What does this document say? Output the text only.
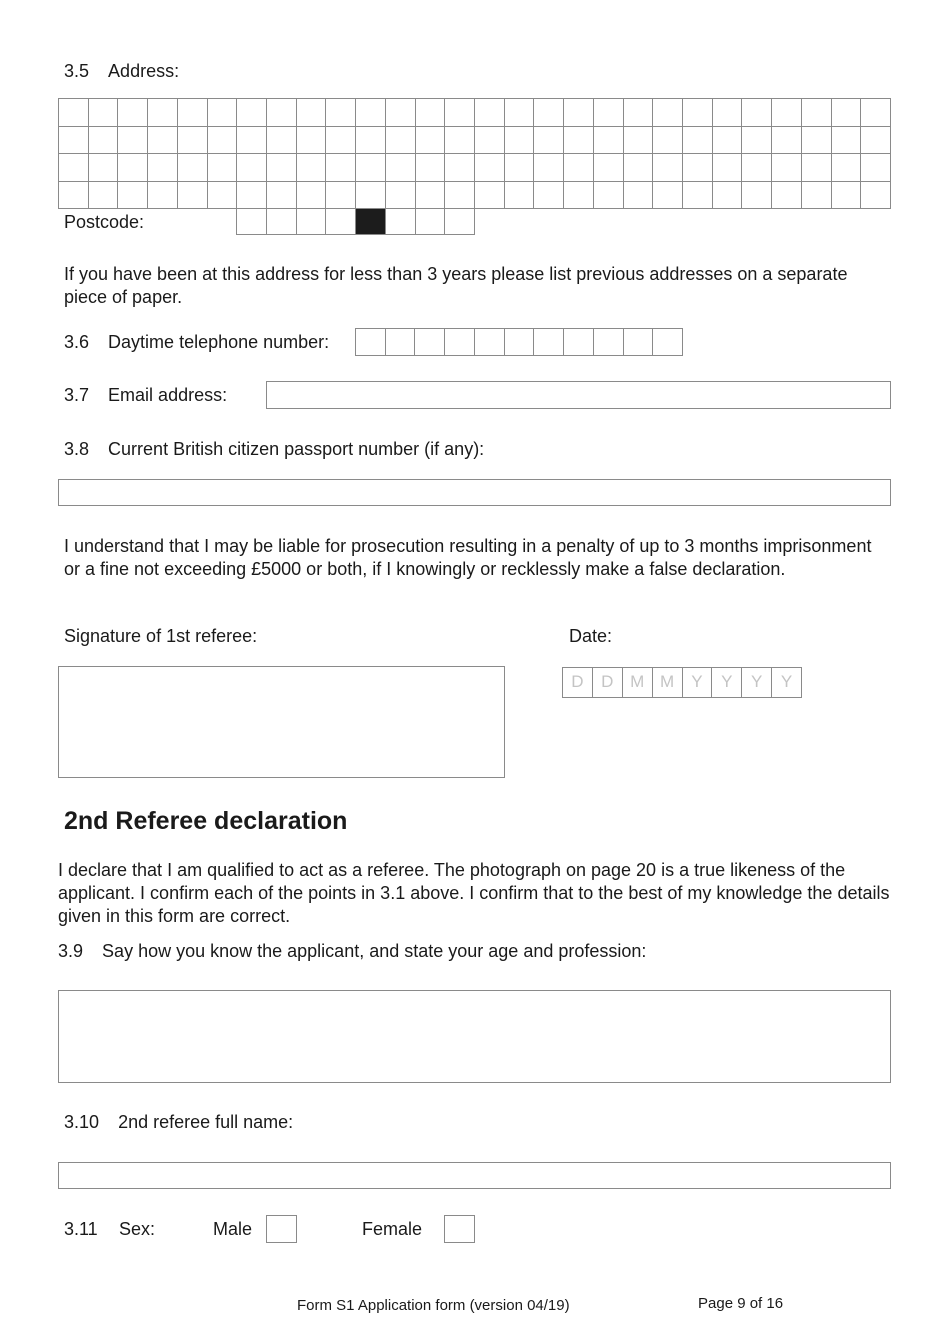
3.5 Address:
Postcode:
If you have been at this address for less than 3 years please list previous addresses on a separate piece of paper.
3.6 Daytime telephone number:
3.7 Email address:
3.8 Current British citizen passport number (if any):
I understand that I may be liable for prosecution resulting in a penalty of up to 3 months imprisonment or a fine not exceeding £5000 or both, if I knowingly or recklessly make a false declaration.
Signature of 1st referee:	Date:
D	D M M	Y	Y	Y	Y
2nd Referee declaration
I declare that I am qualified to act as a referee. The photograph on page 20 is a true likeness of the applicant. I confirm each of the points in 3.1 above. I confirm that to the best of my knowledge the details given in this form are correct.
3.9 Say how you know the applicant, and state your age and profession:
3.10 2nd referee full name:
3.11 Sex:	Male	Female
Form S1 Application form (version 04/19)	Page 9 of 16
